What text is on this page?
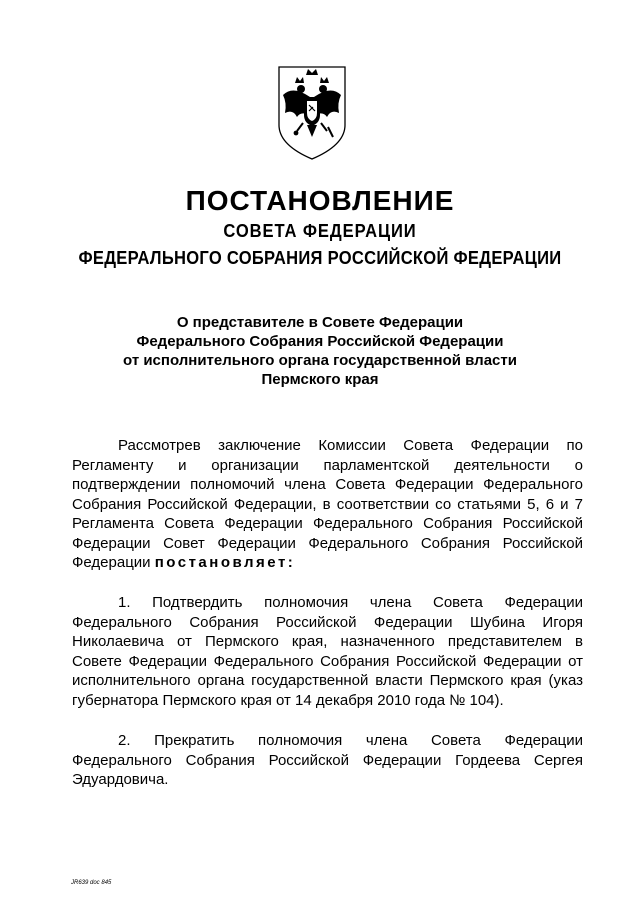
ПОСТАНОВЛЕНИЕ
СОВЕТА ФЕДЕРАЦИИ
ФЕДЕРАЛЬНОГО СОБРАНИЯ РОССИЙСКОЙ ФЕДЕРАЦИИ
О представителе в Совете Федерации
Федерального Собрания Российской Федерации
от исполнительного органа государственной власти
Пермского края

Рассмотрев заключение Комиссии Совета Федерации по Регламенту и организации парламентской деятельности о подтверждении полномочий члена Совета Федерации Федерального Собрания Российской Федерации, в соответствии со статьями 5, 6 и 7 Регламента Совета Федерации Федерального Собрания Российской Федерации Совет Федерации Федерального Собрания Российской Федерации постановляет:

1. Подтвердить полномочия члена Совета Федерации Федерального Собрания Российской Федерации Шубина Игоря Николаевича от Пермского края, назначенного представителем в Совете Федерации Федерального Собрания Российской Федерации от исполнительного органа государственной власти Пермского края (указ губернатора Пермского края от 14 декабря 2010 года № 104).

2. Прекратить полномочия члена Совета Федерации Федерального Собрания Российской Федерации Гордеева Сергея Эдуардовича.

JR639 doc 845
